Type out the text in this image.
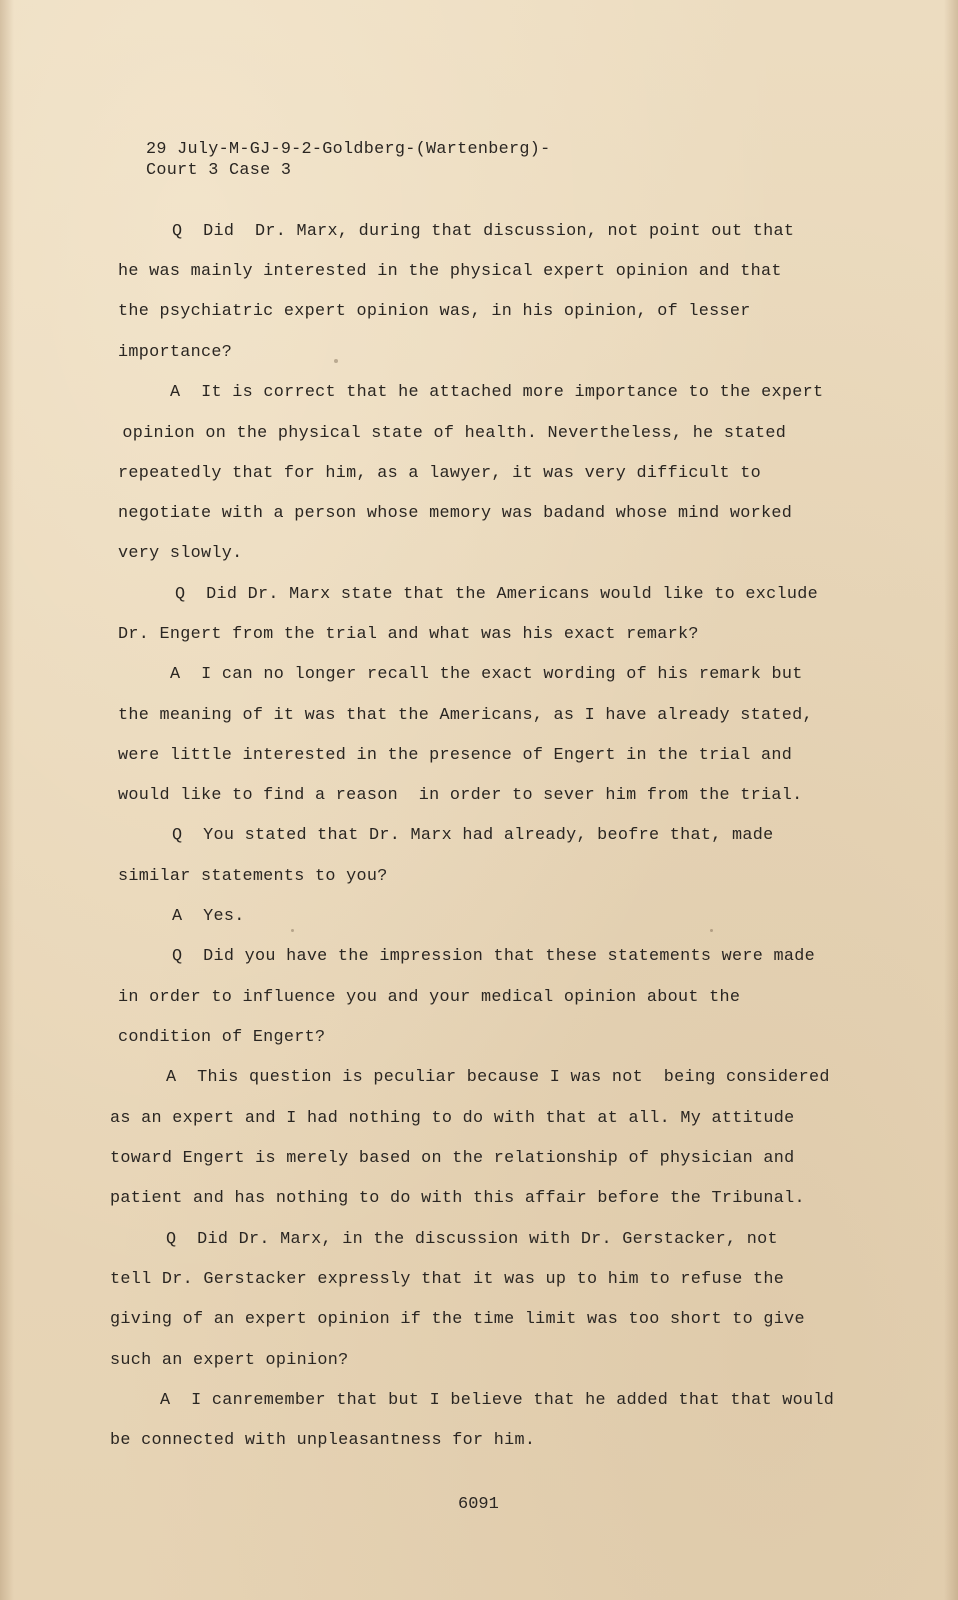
29 July-M-GJ-9-2-Goldberg-(Wartenberg)-
Court 3 Case 3
Q  Did  Dr. Marx, during that discussion, not point out that
he was mainly interested in the physical expert opinion and that
the psychiatric expert opinion was, in his opinion, of lesser
importance?
A  It is correct that he attached more importance to the expert
opinion on the physical state of health. Nevertheless, he stated
repeatedly that for him, as a lawyer, it was very difficult to
negotiate with a person whose memory was badand whose mind worked
very slowly.
Q  Did Dr. Marx state that the Americans would like to exclude
Dr. Engert from the trial and what was his exact remark?
A  I can no longer recall the exact wording of his remark but
the meaning of it was that the Americans, as I have already stated,
were little interested in the presence of Engert in the trial and
would like to find a reason  in order to sever him from the trial.
Q  You stated that Dr. Marx had already, beofre that, made
similar statements to you?
A  Yes.
Q  Did you have the impression that these statements were made
in order to influence you and your medical opinion about the
condition of Engert?
A  This question is peculiar because I was not  being considered
as an expert and I had nothing to do with that at all. My attitude
toward Engert is merely based on the relationship of physician and
patient and has nothing to do with this affair before the Tribunal.
Q  Did Dr. Marx, in the discussion with Dr. Gerstacker, not
tell Dr. Gerstacker expressly that it was up to him to refuse the
giving of an expert opinion if the time limit was too short to give
such an expert opinion?
A  I canremember that but I believe that he added that that would
be connected with unpleasantness for him.
6091
